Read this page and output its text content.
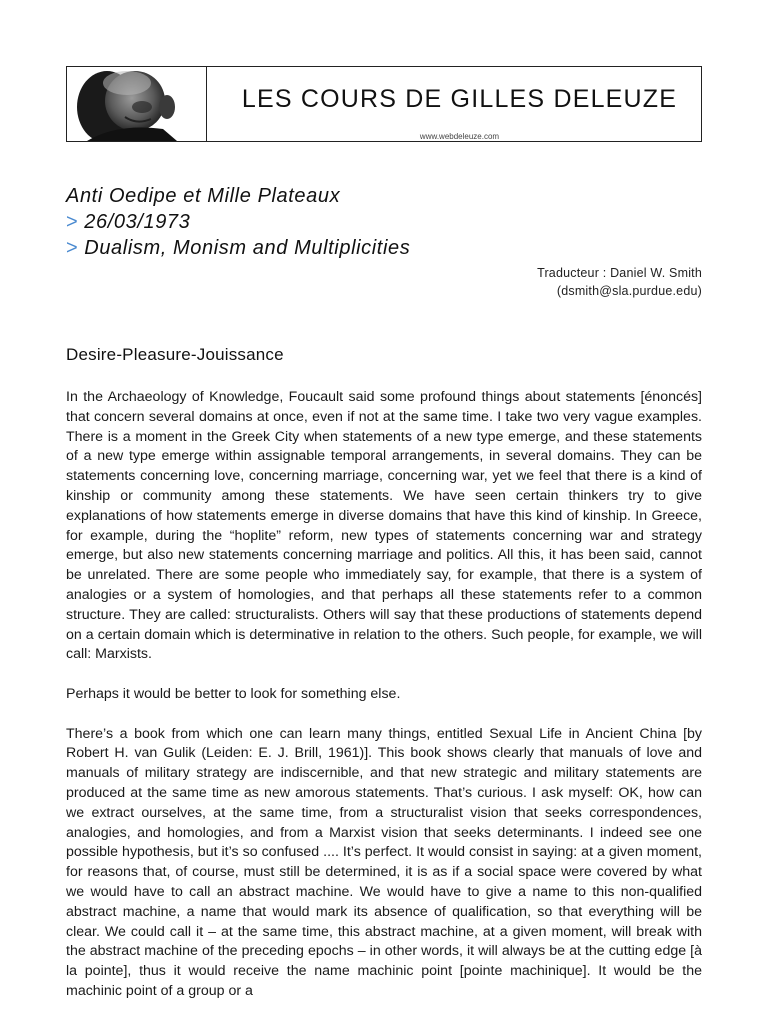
LES COURS DE GILLES DELEUZE
www.webdeleuze.com
Anti Oedipe et Mille Plateaux
> 26/03/1973
> Dualism, Monism and Multiplicities
Traducteur : Daniel W. Smith
(dsmith@sla.purdue.edu)
Desire-Pleasure-Jouissance

In the Archaeology of Knowledge, Foucault said some profound things about statements [énoncés] that concern several domains at once, even if not at the same time. I take two very vague examples. There is a moment in the Greek City when statements of a new type emerge, and these statements of a new type emerge within assignable temporal arrangements, in several domains. They can be statements concerning love, concerning marriage, concerning war, yet we feel that there is a kind of kinship or community among these statements. We have seen certain thinkers try to give explanations of how statements emerge in diverse domains that have this kind of kinship. In Greece, for example, during the “hoplite” reform, new types of statements concerning war and strategy emerge, but also new statements concerning marriage and politics. All this, it has been said, cannot be unrelated. There are some people who immediately say, for example, that there is a system of analogies or a system of homologies, and that perhaps all these statements refer to a common structure. They are called: structuralists. Others will say that these productions of statements depend on a certain domain which is determinative in relation to the others. Such people, for example, we will call: Marxists.

Perhaps it would be better to look for something else.

There’s a book from which one can learn many things, entitled Sexual Life in Ancient China [by Robert H. van Gulik (Leiden: E. J. Brill, 1961)]. This book shows clearly that manuals of love and manuals of military strategy are indiscernible, and that new strategic and military statements are produced at the same time as new amorous statements. That’s curious. I ask myself: OK, how can we extract ourselves, at the same time, from a structuralist vision that seeks correspondences, analogies, and homologies, and from a Marxist vision that seeks determinants. I indeed see one possible hypothesis, but it’s so confused .... It’s perfect. It would consist in saying: at a given moment, for reasons that, of course, must still be determined, it is as if a social space were covered by what we would have to call an abstract machine. We would have to give a name to this non-qualified abstract machine, a name that would mark its absence of qualification, so that everything will be clear. We could call it – at the same time, this abstract machine, at a given moment, will break with the abstract machine of the preceding epochs – in other words, it will always be at the cutting edge [à la pointe], thus it would receive the name machinic point [pointe machinique]. It would be the machinic point of a group or a
